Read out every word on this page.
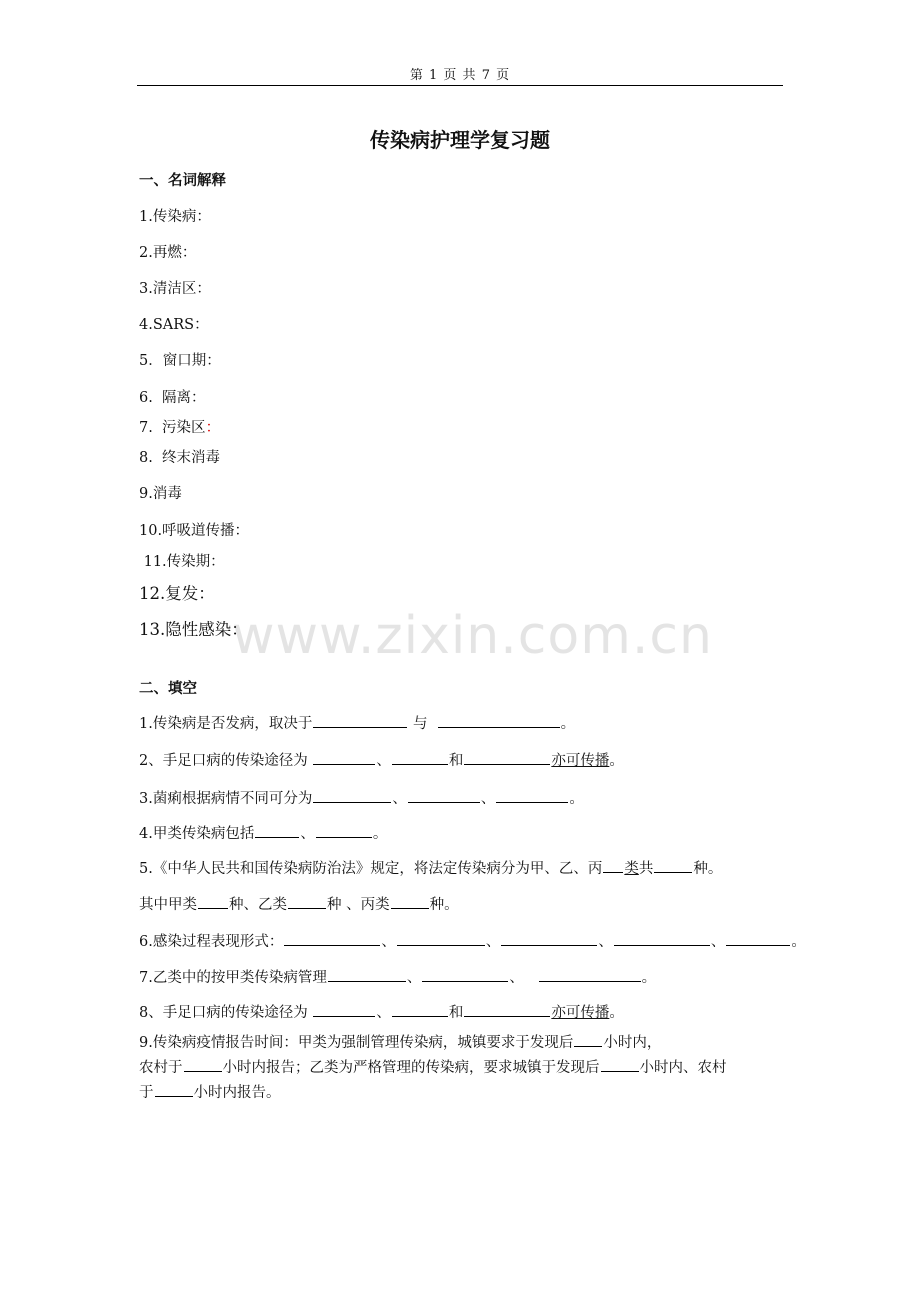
第 1 页 共 7 页
传染病护理学复习题
www.zixin.com.cn
一、名词解释
1.传染病：
2.再燃：
3.清洁区：
4.SARS：
5．窗口期：
6.  隔离：
7.  污染区：
8.  终末消毒
9.消毒
10.呼吸道传播：
11.传染期：
12.复发：
13.隐性感染：
二、填空
1.传染病是否发病，取决于	与	。
2、手足口病的传染途径为	、	和	亦可传播。
3.菌痢根据病情不同可分为	、	、	。
4.甲类传染病包括	、	。
5.《中华人民共和国传染病防治法》规定，将法定传染病分为甲、乙、丙 类共	种。
其中甲类 种、乙类	种 、丙类	种。
6.感染过程表现形式：	、	、	、	、	。
7.乙类中的按甲类传染病管理	、	、	。
8、手足口病的传染途径为	、	和	亦可传播。
9.传染病疫情报告时间：甲类为强制管理传染病，城镇要求于发现后 小时内，
农村于	小时内报告；乙类为严格管理的传染病，要求城镇于发现后	小时内、农村
于	小时内报告。
